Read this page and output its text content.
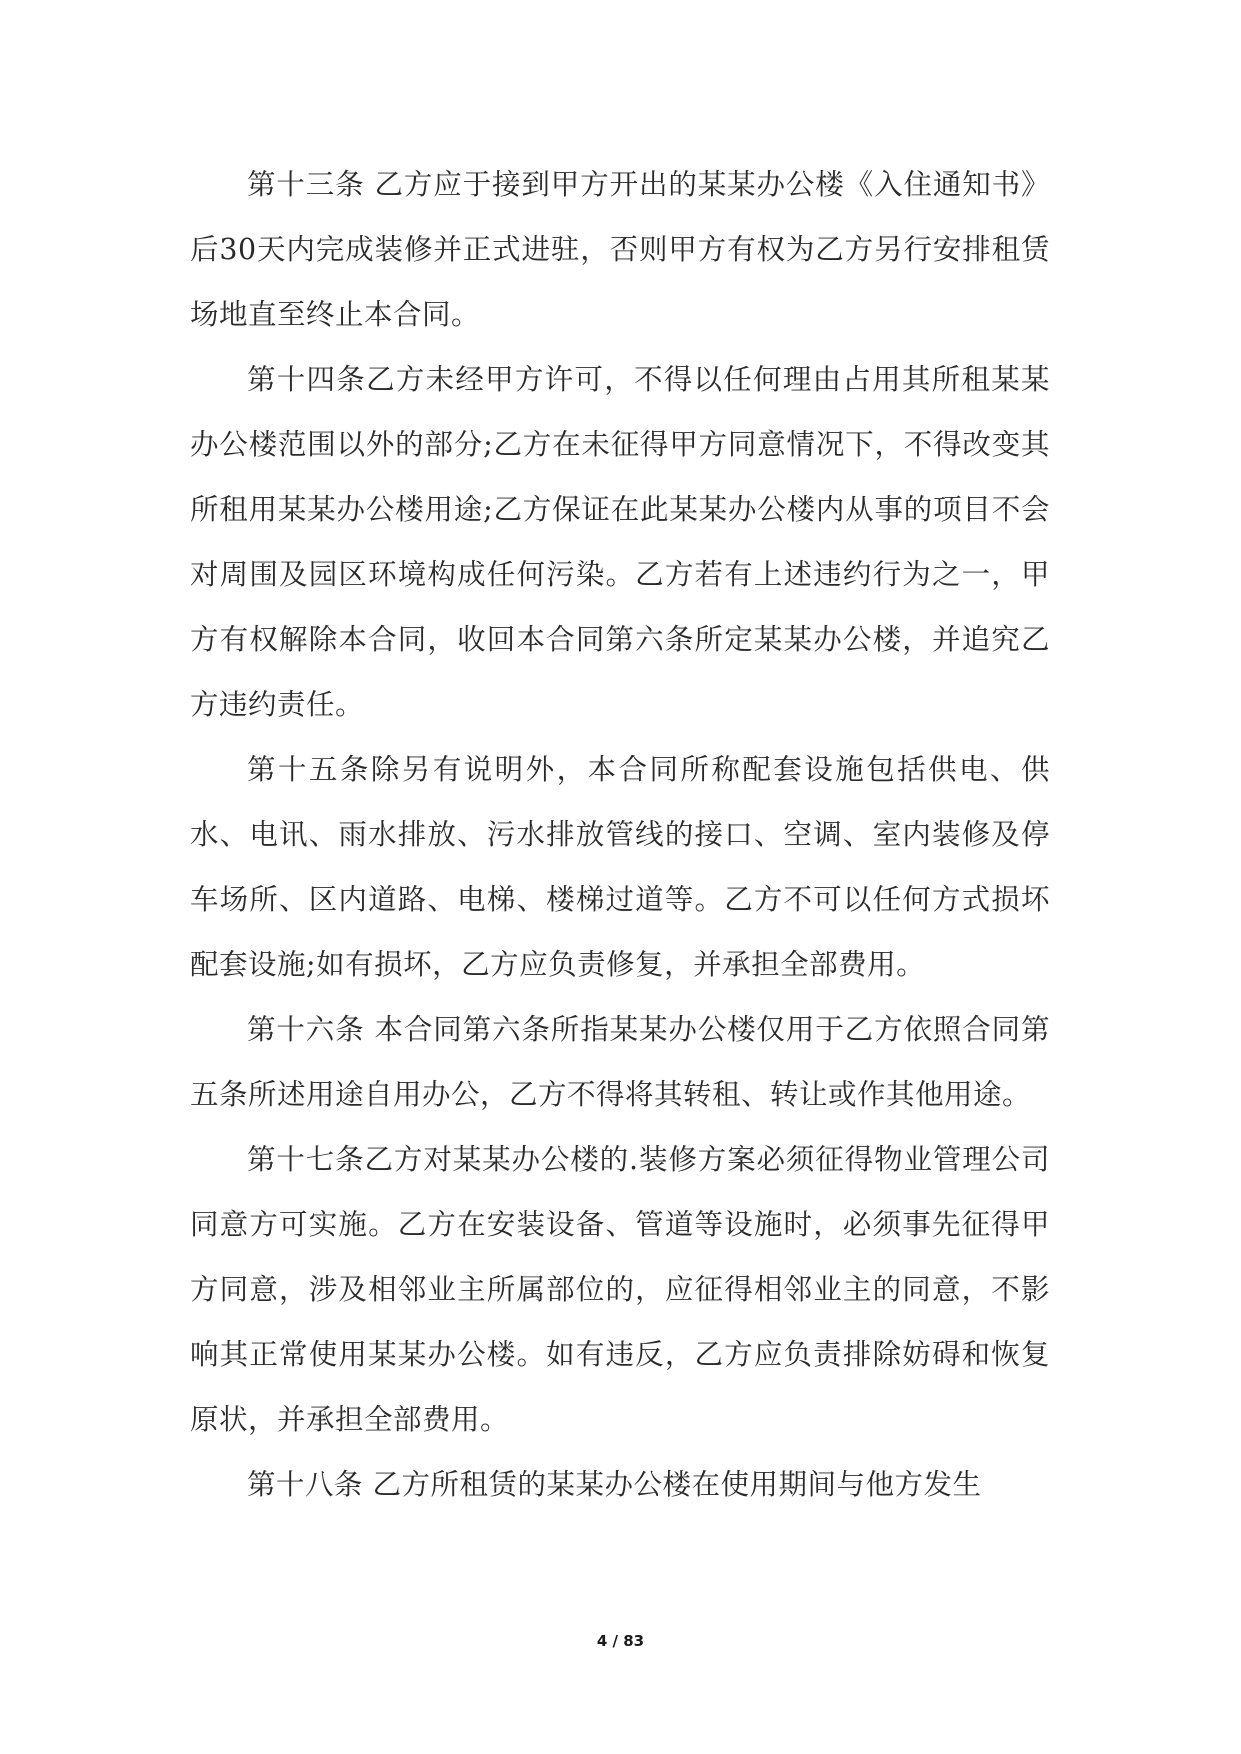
第十三条 乙方应于接到甲方开出的某某办公楼《入住通知书》后30天内完成装修并正式进驻，否则甲方有权为乙方另行安排租赁场地直至终止本合同。

第十四条乙方未经甲方许可，不得以任何理由占用其所租某某办公楼范围以外的部分;乙方在未征得甲方同意情况下，不得改变其所租用某某办公楼用途;乙方保证在此某某办公楼内从事的项目不会对周围及园区环境构成任何污染。乙方若有上述违约行为之一，甲方有权解除本合同，收回本合同第六条所定某某办公楼，并追究乙方违约责任。

第十五条除另有说明外，本合同所称配套设施包括供电、供水、电讯、雨水排放、污水排放管线的接口、空调、室内装修及停车场所、区内道路、电梯、楼梯过道等。乙方不可以任何方式损坏配套设施;如有损坏，乙方应负责修复，并承担全部费用。

第十六条 本合同第六条所指某某办公楼仅用于乙方依照合同第五条所述用途自用办公，乙方不得将其转租、转让或作其他用途。

第十七条乙方对某某办公楼的.装修方案必须征得物业管理公司同意方可实施。乙方在安装设备、管道等设施时，必须事先征得甲方同意，涉及相邻业主所属部位的，应征得相邻业主的同意，不影响其正常使用某某办公楼。如有违反，乙方应负责排除妨碍和恢复原状，并承担全部费用。

第十八条 乙方所租赁的某某办公楼在使用期间与他方发生

4 / 83
